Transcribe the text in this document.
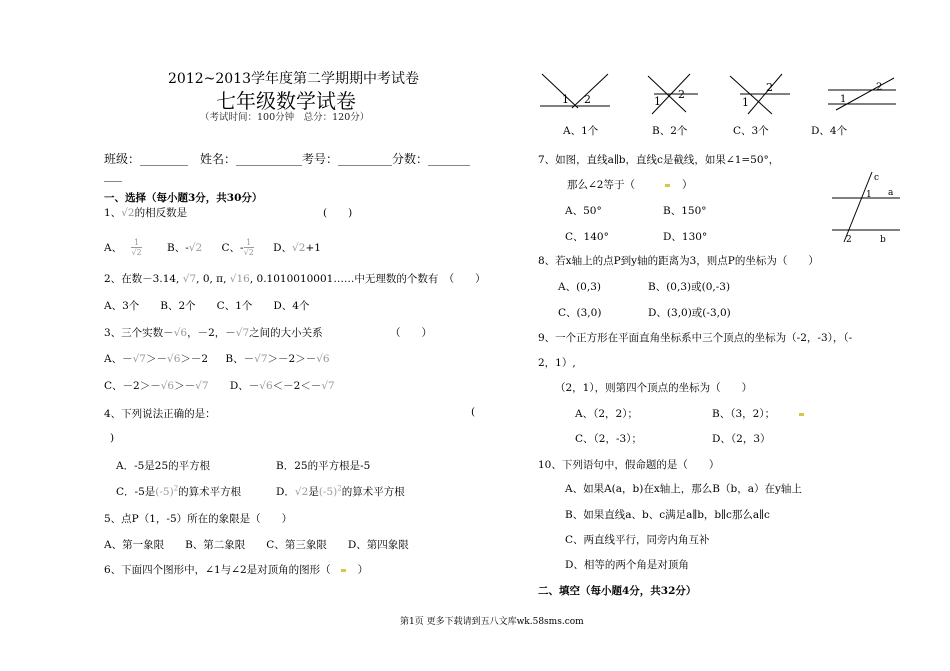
2012~2013学年度第二学期期中考试卷
七年级数学试卷
（考试时间：100分钟　总分：120分）
班级：________　姓名：___________考号：_________分数：_______
___
一、选择（每小题3分，共30分）
1、√2的相反数是	(　　)
A、 $\frac{1}{√2}$ B、-√2 C、$-\frac{1}{√2}$ D、√2+1
2、在数－3.14, √7, 0, π, √16, 0.1010010001……中无理数的个数有　（　　）
A、3个　　B、2个　　C、1个　　D、4个
3、三个实数－√6，－2，－√7之间的大小关系	（　　）
A、－√7＞－√6＞－2 B、－√7＞－2＞－√6
C、－2＞－√6＞－√7 D、－√6＜－2＜－√7
4、下列说法正确的是：	(
)
A．-5是25的平方根	B．25的平方根是-5
C．-5是$(-5)^2$的算术平方根	D．√2是$(-5)^2$的算术平方根
5、点P（1，-5）所在的象限是（　　）
A、第一象限　　B、第二象限　　C、第三象限　　D、第四象限
6、下面四个图形中，∠1与∠2是对顶角的图形（	）
1 2	1
2
1
2
1
2
A、1个	B、2个	C、3个	D、4个
7、如图，直线a∥b，直线c是截线，如果∠1=50°，
那么∠2等于（	）
A、50°	B、150°
C、140°	D、130°
c
a
b
1
2
8、若x轴上的点P到y轴的距离为3，则点P的坐标为（　　）
A、(0,3)	B、(0,3)或(0,-3)
C、(3,0)	D、(3,0)或(-3,0)
9、一个正方形在平面直角坐标系中三个顶点的坐标为（-2，-3），（-
2，1）,
（2，1），则第四个顶点的坐标为（　　）
A、（2，2）；	B、（3，2）；
C、（2，-3）；	D、（2，3）
10、下列语句中，假命题的是（　　）
A、如果A(a，b)在x轴上，那么B（b，a）在y轴上
B、如果直线a、b、c满足a∥b，b∥c那么a∥c
C、两直线平行，同旁内角互补
D、相等的两个角是对顶角
二、填空（每小题4分，共32分）
第1页 更多下载请到五八文库wk.58sms.com
